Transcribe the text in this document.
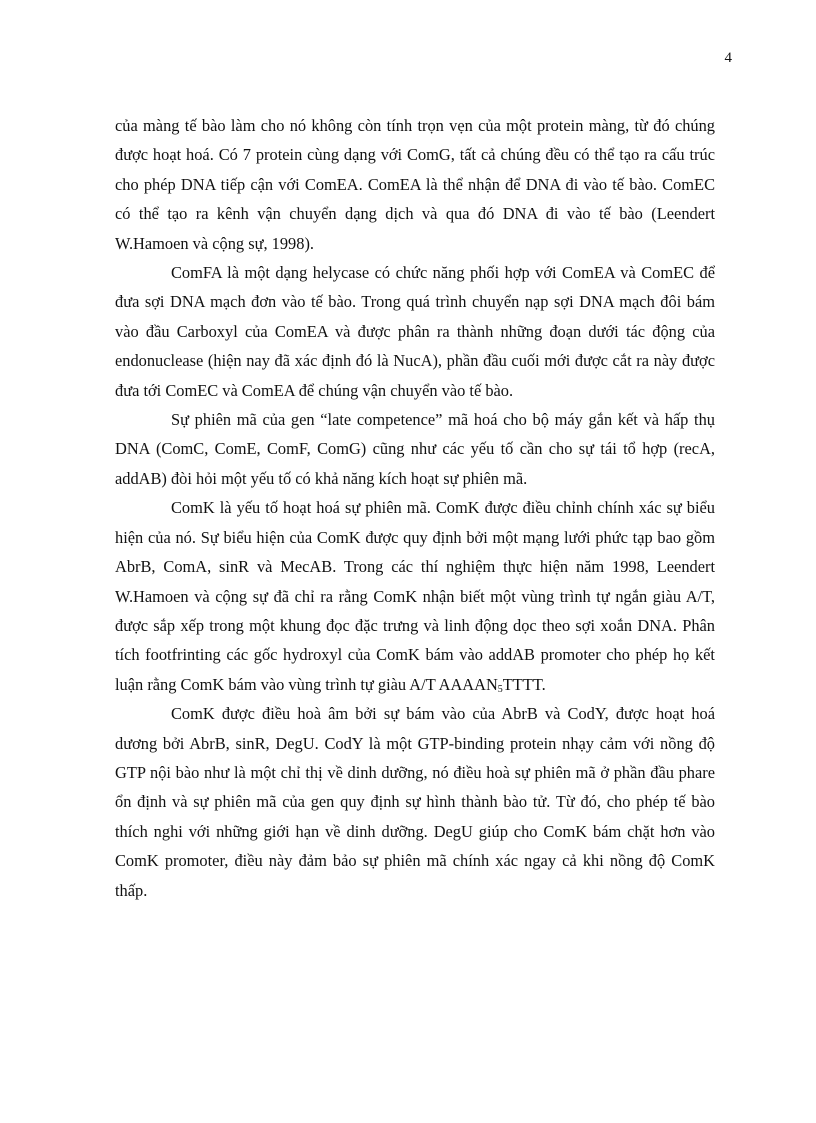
4

của màng tế bào làm cho nó không còn tính trọn vẹn của một protein màng, từ đó chúng được hoạt hoá. Có 7 protein cùng dạng với ComG, tất cả chúng đều có thể tạo ra cấu trúc cho phép DNA tiếp cận với ComEA. ComEA là thể nhận để DNA đi vào tế bào. ComEC có thể tạo ra kênh vận chuyển dạng dịch và qua đó DNA đi vào tế bào (Leendert W.Hamoen và cộng sự, 1998).

ComFA là một dạng helycase có chức năng phối hợp với ComEA và ComEC để đưa sợi DNA mạch đơn vào tế bào. Trong quá trình chuyển nạp sợi DNA mạch đôi bám vào đầu Carboxyl của ComEA và được phân ra thành những đoạn dưới tác động của endonuclease (hiện nay đã xác định đó là NucA), phần đầu cuối mới được cắt ra này được đưa tới ComEC và ComEA để chúng vận chuyển vào tế bào.

Sự phiên mã của gen “late competence” mã hoá cho bộ máy gắn kết và hấp thụ DNA (ComC, ComE, ComF, ComG) cũng như các yếu tố cần cho sự tái tổ hợp (recA, addAB) đòi hỏi một yếu tố có khả năng kích hoạt sự phiên mã.

ComK là yếu tố hoạt hoá sự phiên mã. ComK được điều chỉnh chính xác sự biểu hiện của nó. Sự biểu hiện của ComK được quy định bởi một mạng lưới phức tạp bao gồm AbrB, ComA, sinR và MecAB. Trong các thí nghiệm thực hiện năm 1998, Leendert W.Hamoen và cộng sự đã chỉ ra rằng ComK nhận biết một vùng trình tự ngắn giàu A/T, được sắp xếp trong một khung đọc đặc trưng và linh động dọc theo sợi xoắn DNA. Phân tích footfrinting các gốc hydroxyl của ComK bám vào addAB promoter cho phép họ kết luận rằng ComK bám vào vùng trình tự giàu A/T $AAAAN_5TTTT$.

ComK được điều hoà âm bởi sự bám vào của AbrB và CodY, được hoạt hoá dương bởi AbrB, sinR, DegU. CodY là một GTP-binding protein nhạy cảm với nồng độ GTP nội bào như là một chỉ thị về dinh dưỡng, nó điều hoà sự phiên mã ở phần đầu phare ổn định và sự phiên mã của gen quy định sự hình thành bào tử. Từ đó, cho phép tế bào thích nghi với những giới hạn về dinh dưỡng. DegU giúp cho ComK bám chặt hơn vào ComK promoter, điều này đảm bảo sự phiên mã chính xác ngay cả khi nồng độ ComK thấp.
